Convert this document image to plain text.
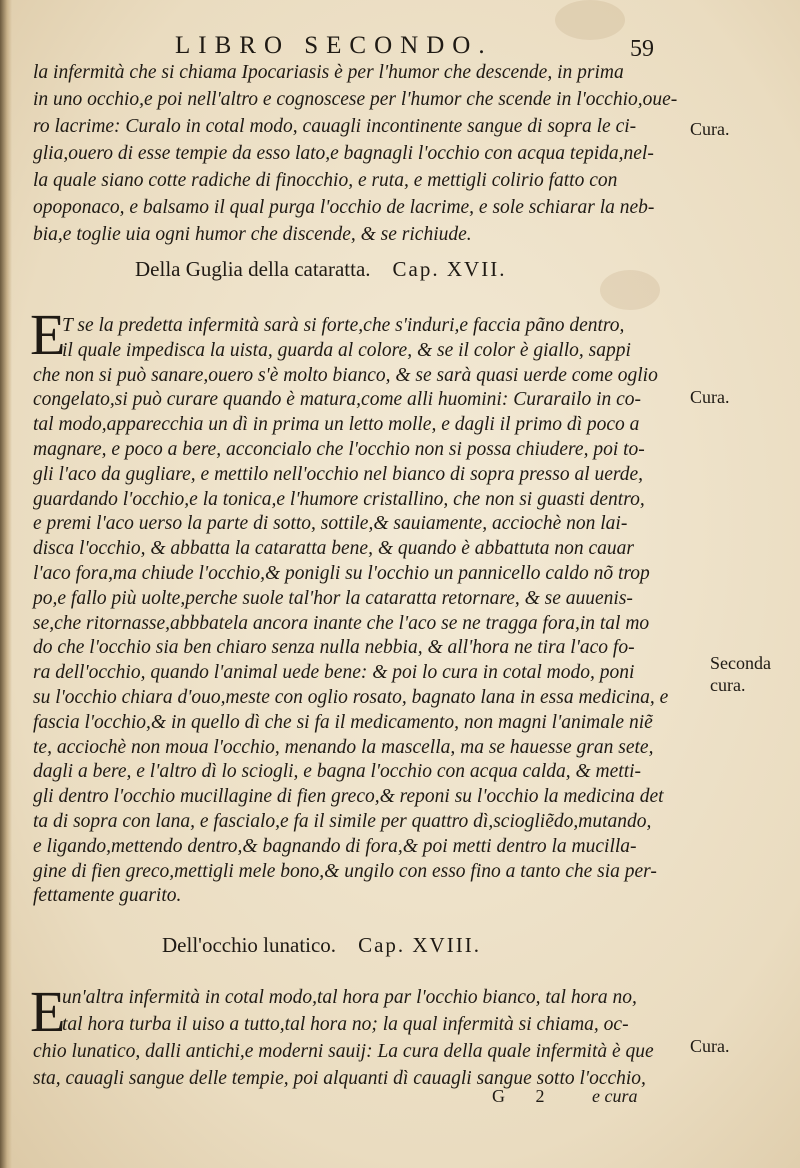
LIBRO SECONDO.	59
la infermità che si chiama Ipocariasis è per l'humor che descende, in prima
in uno occhio,e poi nell'altro e cognoscese per l'humor che scende in l'occhio,oue-
ro lacrime: Curalo in cotal modo, cauagli incontinente sangue di sopra le ci-
glia,ouero di esse tempie da esso lato,e bagnagli l'occhio con acqua tepida,nel-
la quale siano cotte radiche di finocchio, e ruta, e mettigli colirio fatto con
opoponaco, e balsamo il qual purga l'occhio de lacrime, e sole schiarar la neb-
bia,e toglie uia ogni humor che discende, & se richiude.
Della Guglia della cataratta. Cap. XVII.
E
T se la predetta infermità sarà si forte,che s'induri,e faccia pãno dentro,
il quale impedisca la uista, guarda al colore, & se il color è giallo, sappi
che non si può sanare,ouero s'è molto bianco, & se sarà quasi uerde come oglio
congelato,si può curare quando è matura,come alli huomini: Curarailo in co-
tal modo,apparecchia un dì in prima un letto molle, e dagli il primo dì poco a
magnare, e poco a bere, acconcialo che l'occhio non si possa chiudere, poi to-
gli l'aco da gugliare, e mettilo nell'occhio nel bianco di sopra presso al uerde,
guardando l'occhio,e la tonica,e l'humore cristallino, che non si guasti dentro,
e premi l'aco uerso la parte di sotto, sottile,& sauiamente, acciochè non lai-
disca l'occhio, & abbatta la cataratta bene, & quando è abbattuta non cauar
l'aco fora,ma chiude l'occhio,& ponigli su l'occhio un pannicello caldo nõ trop
po,e fallo più uolte,perche suole tal'hor la cataratta retornare, & se auuenis-
se,che ritornasse,abbbatela ancora inante che l'aco se ne tragga fora,in tal mo
do che l'occhio sia ben chiaro senza nulla nebbia, & all'hora ne tira l'aco fo-
ra dell'occhio, quando l'animal uede bene: & poi lo cura in cotal modo, poni
su l'occhio chiara d'ouo,meste con oglio rosato, bagnato lana in essa medicina, e
fascia l'occhio,& in quello dì che si fa il medicamento, non magni l'animale niẽ
te, acciochè non moua l'occhio, menando la mascella, ma se hauesse gran sete,
dagli a bere, e l'altro dì lo sciogli, e bagna l'occhio con acqua calda, & metti-
gli dentro l'occhio mucillagine di fien greco,& reponi su l'occhio la medicina det
ta di sopra con lana, e fascialo,e fa il simile per quattro dì,sciogliẽdo,mutando,
e ligando,mettendo dentro,& bagnando di fora,& poi metti dentro la mucilla-
gine di fien greco,mettigli mele bono,& ungilo con esso fino a tanto che sia per-
fettamente guarito.
Dell'occhio lunatico. Cap. XVIII.
E
un'altra infermità in cotal modo,tal hora par l'occhio bianco, tal hora no,
tal hora turba il uiso a tutto,tal hora no; la qual infermità si chiama, oc-
chio lunatico, dalli antichi,e moderni sauij: La cura della quale infermità è que
sta, cauagli sangue delle tempie, poi alquanti dì cauagli sangue sotto l'occhio,
Cura.
Cura.
Seconda cura.
Cura.
G 2	e cura
